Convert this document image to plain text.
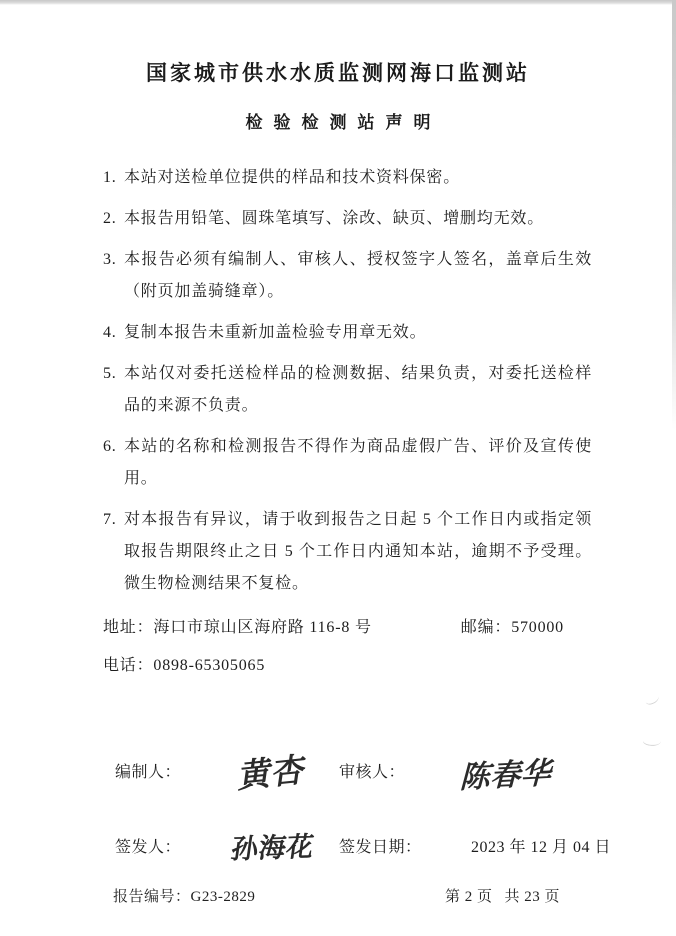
国家城市供水水质监测网海口监测站
检验检测站声明
1. 本站对送检单位提供的样品和技术资料保密。
2. 本报告用铅笔、圆珠笔填写、涂改、缺页、增删均无效。
3. 本报告必须有编制人、审核人、授权签字人签名，盖章后生效（附页加盖骑缝章）。
4. 复制本报告未重新加盖检验专用章无效。
5. 本站仅对委托送检样品的检测数据、结果负责，对委托送检样品的来源不负责。
6. 本站的名称和检测报告不得作为商品虚假广告、评价及宣传使用。
7. 对本报告有异议，请于收到报告之日起 5 个工作日内或指定领取报告期限终止之日 5 个工作日内通知本站，逾期不予受理。微生物检测结果不复检。
地址： 海口市琼山区海府路 116-8 号	邮编：570000
电话： 0898-65305065
编制人：	黄杏	审核人：	陈春华
签发人：	孙海花	签发日期：	2023 年 12 月 04 日
报告编号：G23-2829	第 2 页 共 23 页
